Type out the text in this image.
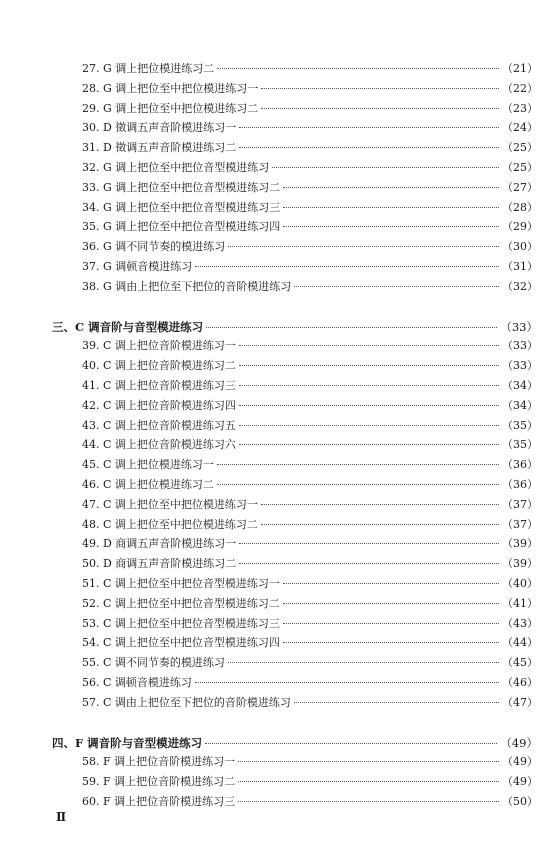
27. G 调上把位模进练习二	（21）
28. G 调上把位至中把位模进练习一	（22）
29. G 调上把位至中把位模进练习二	（23）
30. D 徵调五声音阶模进练习一	（24）
31. D 徵调五声音阶模进练习二	（25）
32. G 调上把位至中把位音型模进练习	（25）
33. G 调上把位至中把位音型模进练习二	（27）
34. G 调上把位至中把位音型模进练习三	（28）
35. G 调上把位至中把位音型模进练习四	（29）
36. G 调不同节奏的模进练习	（30）
37. G 调顿音模进练习	（31）
38. G 调由上把位至下把位的音阶模进练习	（32）
三、C 调音阶与音型模进练习	（33）
39. C 调上把位音阶模进练习一	（33）
40. C 调上把位音阶模进练习二	（33）
41. C 调上把位音阶模进练习三	（34）
42. C 调上把位音阶模进练习四	（34）
43. C 调上把位音阶模进练习五	（35）
44. C 调上把位音阶模进练习六	（35）
45. C 调上把位模进练习一	（36）
46. C 调上把位模进练习二	（36）
47. C 调上把位至中把位模进练习一	（37）
48. C 调上把位至中把位模进练习二	（37）
49. D 商调五声音阶模进练习一	（39）
50. D 商调五声音阶模进练习二	（39）
51. C 调上把位至中把位音型模进练习一	（40）
52. C 调上把位至中把位音型模进练习二	（41）
53. C 调上把位至中把位音型模进练习三	（43）
54. C 调上把位至中把位音型模进练习四	（44）
55. C 调不同节奏的模进练习	（45）
56. C 调顿音模进练习	（46）
57. C 调由上把位至下把位的音阶模进练习	（47）
四、F 调音阶与音型模进练习	（49）
58. F 调上把位音阶模进练习一	（49）
59. F 调上把位音阶模进练习二	（49）
60. F 调上把位音阶模进练习三	（50）
Ⅱ
